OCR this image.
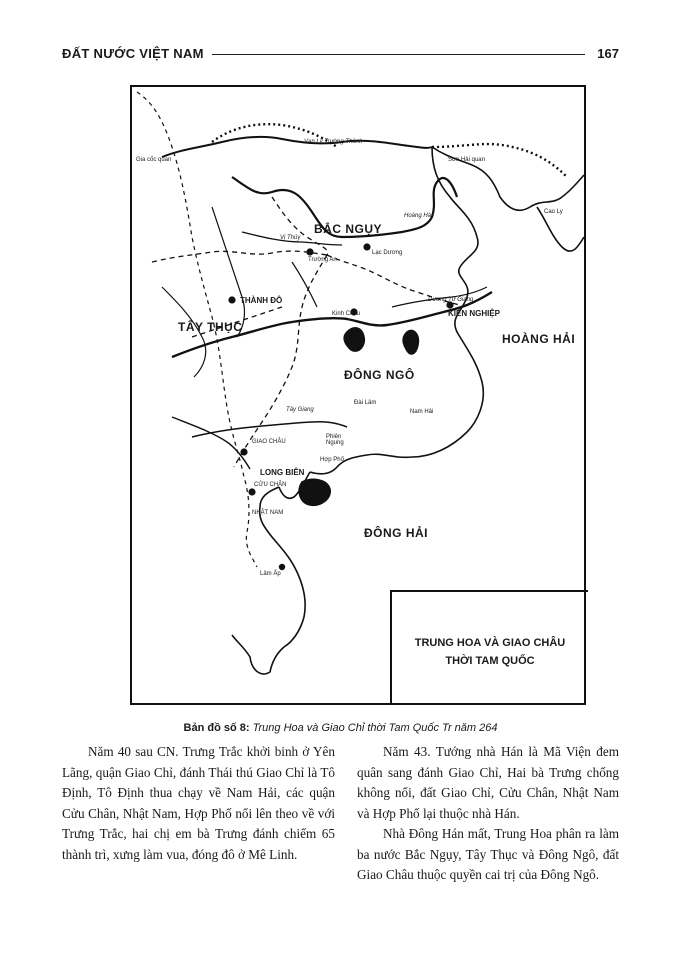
ĐẤT NƯỚC VIỆT NAM	167
Vạn Lý Trường Thành
Gia cốc quan	Sơn Hải quan
Cao Ly
BẮC NGỤY
Hoàng Hà
Vị Thủy
Trường An
Lạc Dương
THÀNH ĐÔ
TÂY THỤC
Kinh Châu
Dương Tử Giang
KIẾN NGHIỆP
HOÀNG HẢI
ĐÔNG NGÔ
Đài Lâm
Nam Hải
Tây Giang
GIAO CHÂU
Phiên Ngung
Hợp Phố
LONG BIÊN
CỬU CHÂN
NHẬT NAM
ĐÔNG HẢI
Lâm Ấp
TRUNG HOA VÀ GIAO CHÂU
THỜI TAM QUỐC
Bản đồ số 8: Trung Hoa và Giao Chỉ thời Tam Quốc Tr năm 264

Năm 40 sau CN. Trưng Trắc khởi binh ở Yên Lãng, quận Giao Chỉ, đánh Thái thú Giao Chỉ là Tô Định, Tô Định thua chạy về Nam Hải, các quận Cửu Chân, Nhật Nam, Hợp Phố nổi lên theo về với Trưng Trắc, hai chị em bà Trưng đánh chiếm 65 thành trì, xưng làm vua, đóng đô ở Mê Linh.

Năm 43. Tướng nhà Hán là Mã Viện đem quân sang đánh Giao Chỉ, Hai bà Trưng chống không nổi, đất Giao Chỉ, Cửu Chân, Nhật Nam và Hợp Phố lại thuộc nhà Hán.

Nhà Đông Hán mất, Trung Hoa phân ra làm ba nước Bắc Ngụy, Tây Thục và Đông Ngô, đất Giao Châu thuộc quyền cai trị của Đông Ngô.
